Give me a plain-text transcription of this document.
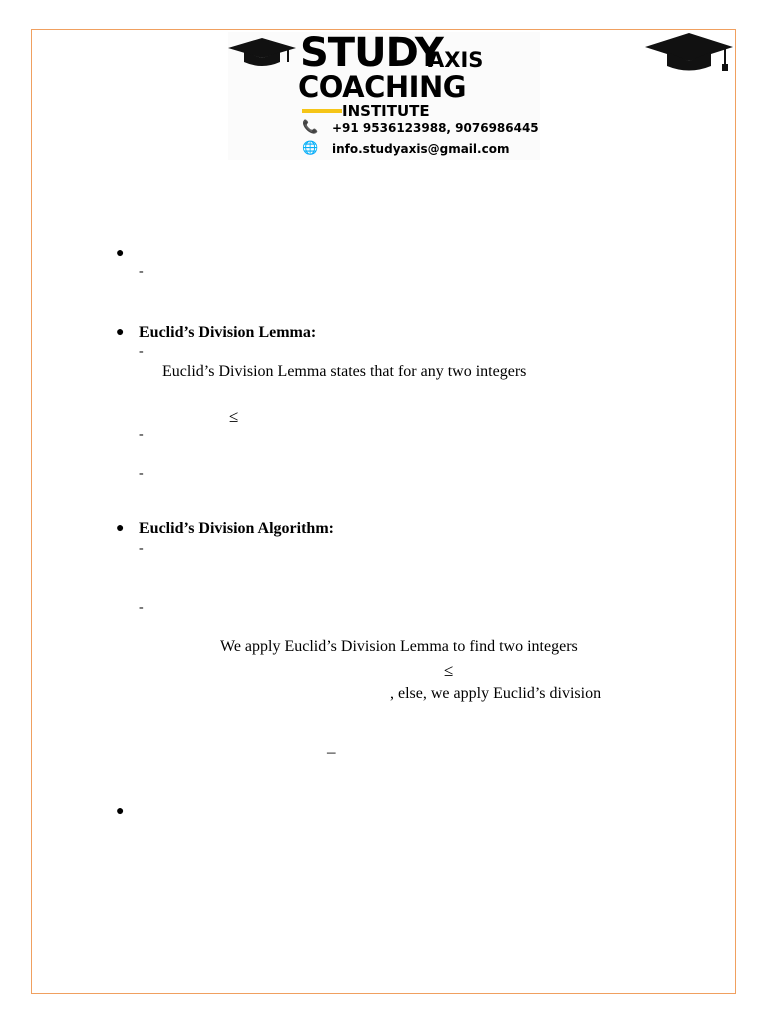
STUDY
AXIS
COACHING
INSTITUTE
📞	+91 9536123988, 9076986445
🌐	info.studyaxis@gmail.com
●
-
● Euclid’s Division Lemma:
-
Euclid’s Division Lemma states that for any two integers
≤
-
-
● Euclid’s Division Algorithm:
-
-
We apply Euclid’s Division Lemma to find two integers
≤
, else, we apply Euclid’s division
–
●
